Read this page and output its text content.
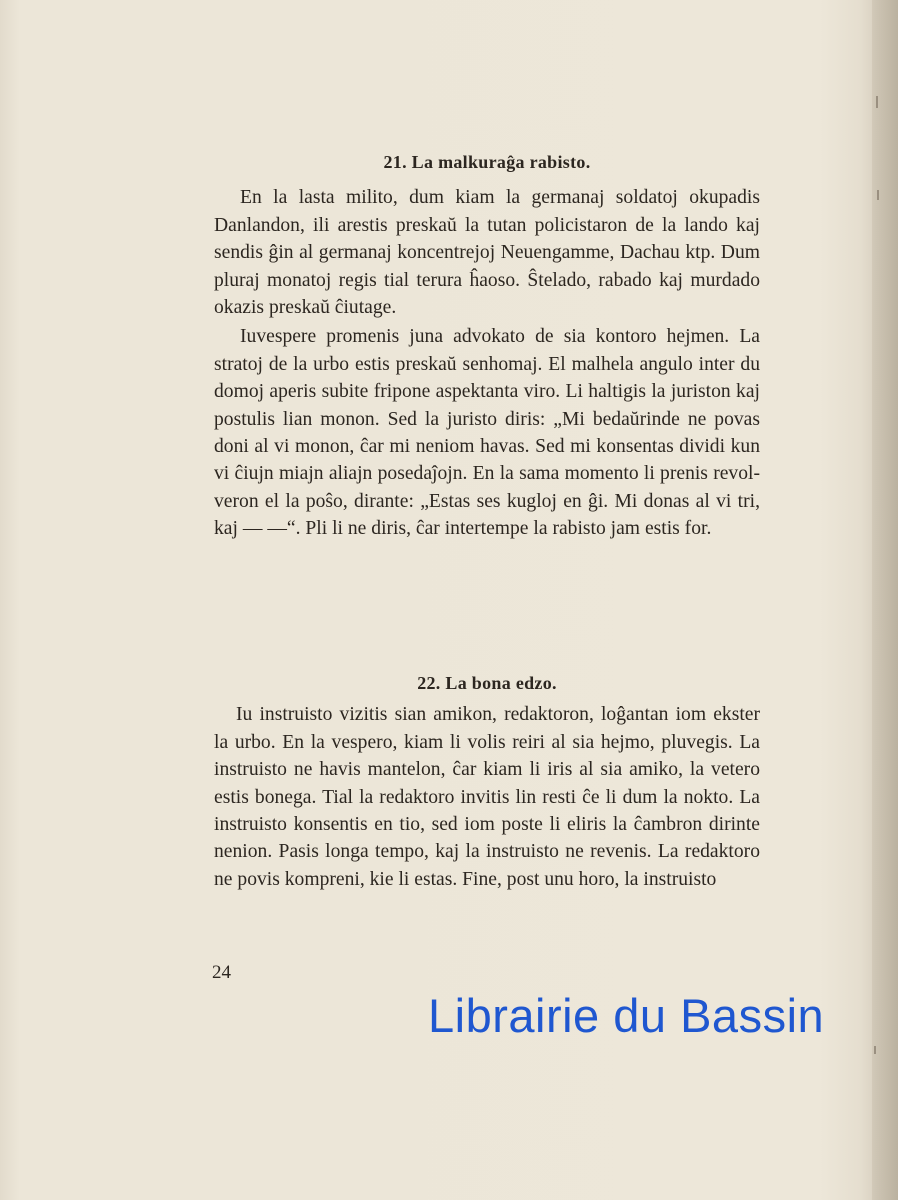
21. La malkuraĝa rabisto.

En la lasta milito, dum kiam la germanaj soldatoj okupadis Danlandon, ili arestis preskaŭ la tutan policistaron de la lando kaj sendis ĝin al germanaj koncentrejoj Neuengamme, Dachau ktp. Dum pluraj monatoj regis tial terura ĥaoso. Ŝtelado, rabado kaj murdado okazis preskaŭ ĉiutage.

Iuvespere promenis juna advokato de sia kontoro hejmen. La stratoj de la urbo estis preskaŭ senhomaj. El malhela angulo inter du domoj aperis subite fripone aspektanta viro. Li haltigis la juriston kaj postulis lian monon. Sed la juristo diris: „Mi bedaŭrinde ne povas doni al vi monon, ĉar mi neniom havas. Sed mi konsentas dividi kun vi ĉiujn miajn aliajn posedaĵojn. En la sama momento li prenis revolveron el la poŝo, dirante: „Estas ses kugloj en ĝi. Mi donas al vi tri, kaj — —“. Pli li ne diris, ĉar intertempe la rabisto jam estis for.

22. La bona edzo.

Iu instruisto vizitis sian amikon, redaktoron, loĝantan iom ekster la urbo. En la vespero, kiam li volis reiri al sia hejmo, pluvegis. La instruisto ne havis mantelon, ĉar kiam li iris al sia amiko, la vetero estis bonega. Tial la redaktoro invitis lin resti ĉe li dum la nokto. La instruisto konsentis en tio, sed iom poste li eliris la ĉambron dirinte nenion. Pasis longa tempo, kaj la instruisto ne revenis. La redaktoro ne povis kompreni, kie li estas. Fine, post unu horo, la instruisto

24
Librairie du Bassin
